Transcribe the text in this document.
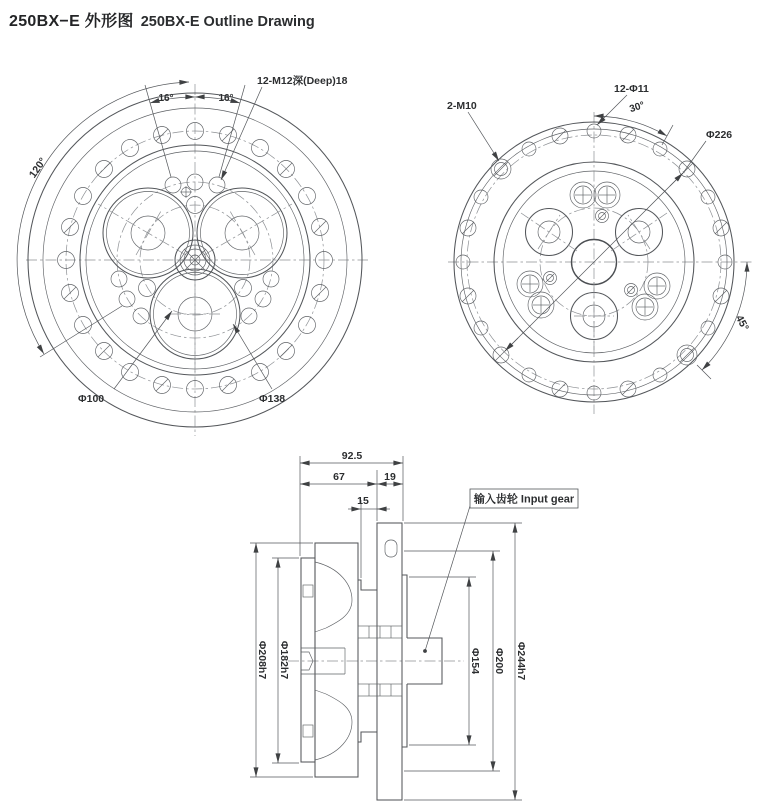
250BX−E 外形图 250BX-E Outline Drawing
16°	16°
120°
12-M12深(Deep)18
Φ100	Φ138
30°
45°
12-Φ11
2-M10
Φ226
92.5
67	19
15
Φ208h7 Φ182h7	Φ154 Φ200 Φ244h7
输入齿轮 Input gear
